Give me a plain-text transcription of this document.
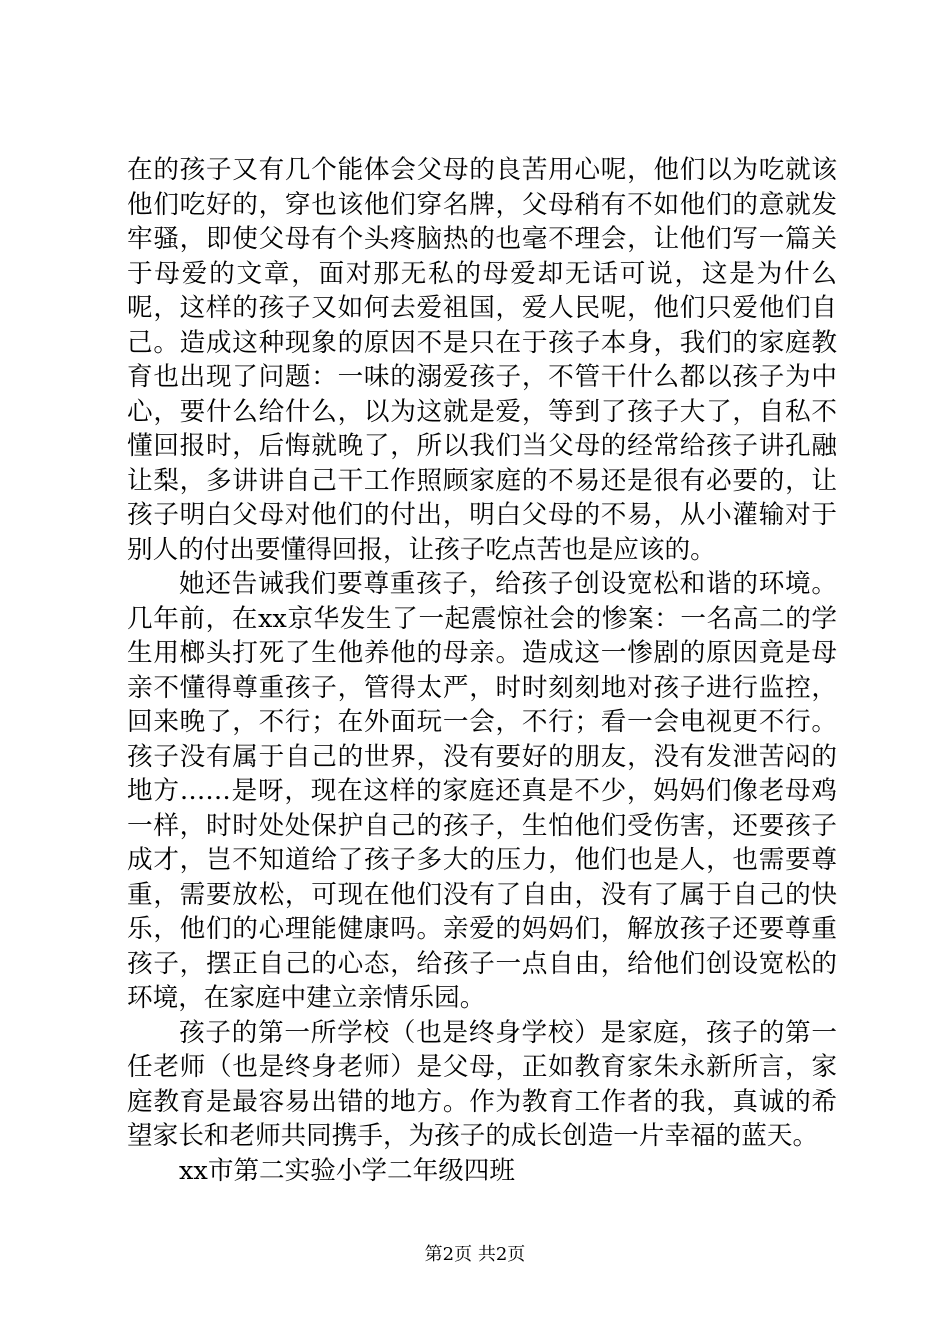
在的孩子又有几个能体会父母的良苦用心呢，他们以为吃就该他们吃好的，穿也该他们穿名牌，父母稍有不如他们的意就发牢骚，即使父母有个头疼脑热的也毫不理会，让他们写一篇关于母爱的文章，面对那无私的母爱却无话可说，这是为什么呢，这样的孩子又如何去爱祖国，爱人民呢，他们只爱他们自己。造成这种现象的原因不是只在于孩子本身，我们的家庭教育也出现了问题：一味的溺爱孩子，不管干什么都以孩子为中心，要什么给什么，以为这就是爱，等到了孩子大了，自私不懂回报时，后悔就晚了，所以我们当父母的经常给孩子讲孔融让梨，多讲讲自己干工作照顾家庭的不易还是很有必要的，让孩子明白父母对他们的付出，明白父母的不易，从小灌输对于别人的付出要懂得回报，让孩子吃点苦也是应该的。

她还告诫我们要尊重孩子，给孩子创设宽松和谐的环境。几年前，在xx京华发生了一起震惊社会的惨案：一名高二的学生用榔头打死了生他养他的母亲。造成这一惨剧的原因竟是母亲不懂得尊重孩子，管得太严，时时刻刻地对孩子进行监控，回来晚了，不行；在外面玩一会，不行；看一会电视更不行。孩子没有属于自己的世界，没有要好的朋友，没有发泄苦闷的地方……是呀，现在这样的家庭还真是不少，妈妈们像老母鸡一样，时时处处保护自己的孩子，生怕他们受伤害，还要孩子成才，岂不知道给了孩子多大的压力，他们也是人，也需要尊重，需要放松，可现在他们没有了自由，没有了属于自己的快乐，他们的心理能健康吗。亲爱的妈妈们，解放孩子还要尊重孩子，摆正自己的心态，给孩子一点自由，给他们创设宽松的环境，在家庭中建立亲情乐园。

孩子的第一所学校（也是终身学校）是家庭，孩子的第一任老师（也是终身老师）是父母，正如教育家朱永新所言，家庭教育是最容易出错的地方。作为教育工作者的我，真诚的希望家长和老师共同携手，为孩子的成长创造一片幸福的蓝天。

xx市第二实验小学二年级四班

第2页 共2页
